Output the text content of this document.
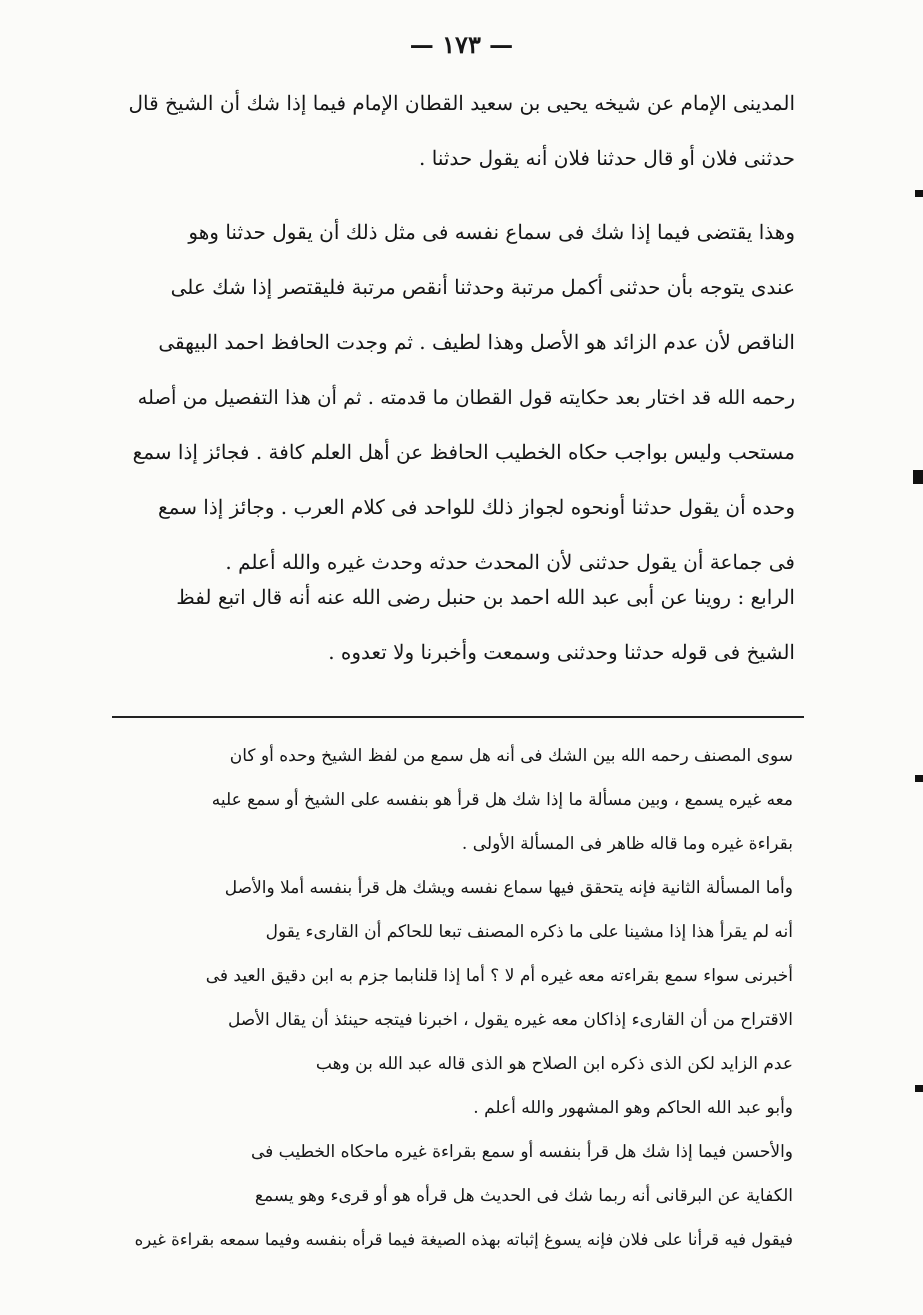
— ١٧٣ —
المدينى الإمام عن شيخه يحيى بن سعيد القطان الإمام فيما إذا شك أن الشيخ قال
حدثنى فلان أو قال حدثنا فلان أنه يقول حدثنا .
وهذا يقتضى فيما إذا شك فى سماع نفسه فى مثل ذلك أن يقول حدثنا وهو
عندى يتوجه بأن حدثنى أكمل مرتبة وحدثنا أنقص مرتبة فليقتصر إذا شك على
الناقص لأن عدم الزائد هو الأصل وهذا لطيف . ثم وجدت الحافظ احمد البيهقى
رحمه الله قد اختار بعد حكايته قول القطان ما قدمته . ثم أن هذا التفصيل من أصله
مستحب وليس بواجب حكاه الخطيب الحافظ عن أهل العلم كافة . فجائز إذا سمع
وحده أن يقول حدثنا أونحوه لجواز ذلك للواحد فى كلام العرب . وجائز إذا سمع
فى جماعة أن يقول حدثنى لأن المحدث حدثه وحدث غيره والله أعلم .
الرابع : روينا عن أبى عبد الله احمد بن حنبل رضى الله عنه أنه قال اتبع لفظ
الشيخ فى قوله حدثنا وحدثنى وسمعت وأخبرنا ولا تعدوه .
سوى المصنف رحمه الله بين الشك فى أنه هل سمع من لفظ الشيخ وحده أو كان
معه غيره يسمع ، وبين مسألة ما إذا شك هل قرأ هو بنفسه على الشيخ أو سمع عليه
بقراءة غيره وما قاله ظاهر فى المسألة الأولى .
وأما المسألة الثانية فإنه يتحقق فيها سماع نفسه ويشك هل قرأ بنفسه أملا والأصل
أنه لم يقرأ هذا إذا مشينا على ما ذكره المصنف تبعا للحاكم أن القارىء يقول
أخبرنى سواء سمع بقراءته معه غيره أم لا ؟ أما إذا قلنابما جزم به ابن دقيق العيد فى
الاقتراح من أن القارىء إذاكان معه غيره يقول ، اخبرنا فيتجه حينئذ أن يقال الأصل
عدم الزايد لكن الذى ذكره ابن الصلاح هو الذى قاله عبد الله بن وهب
وأبو عبد الله الحاكم وهو المشهور والله أعلم .
والأحسن فيما إذا شك هل قرأ بنفسه أو سمع بقراءة غيره ماحكاه الخطيب فى
الكفاية عن البرقانى أنه ربما شك فى الحديث هل قرأه هو أو قرىء وهو يسمع
فيقول فيه قرأنا على فلان فإنه يسوغ إثباته بهذه الصيغة فيما قرأه بنفسه وفيما سمعه بقراءة غيره
